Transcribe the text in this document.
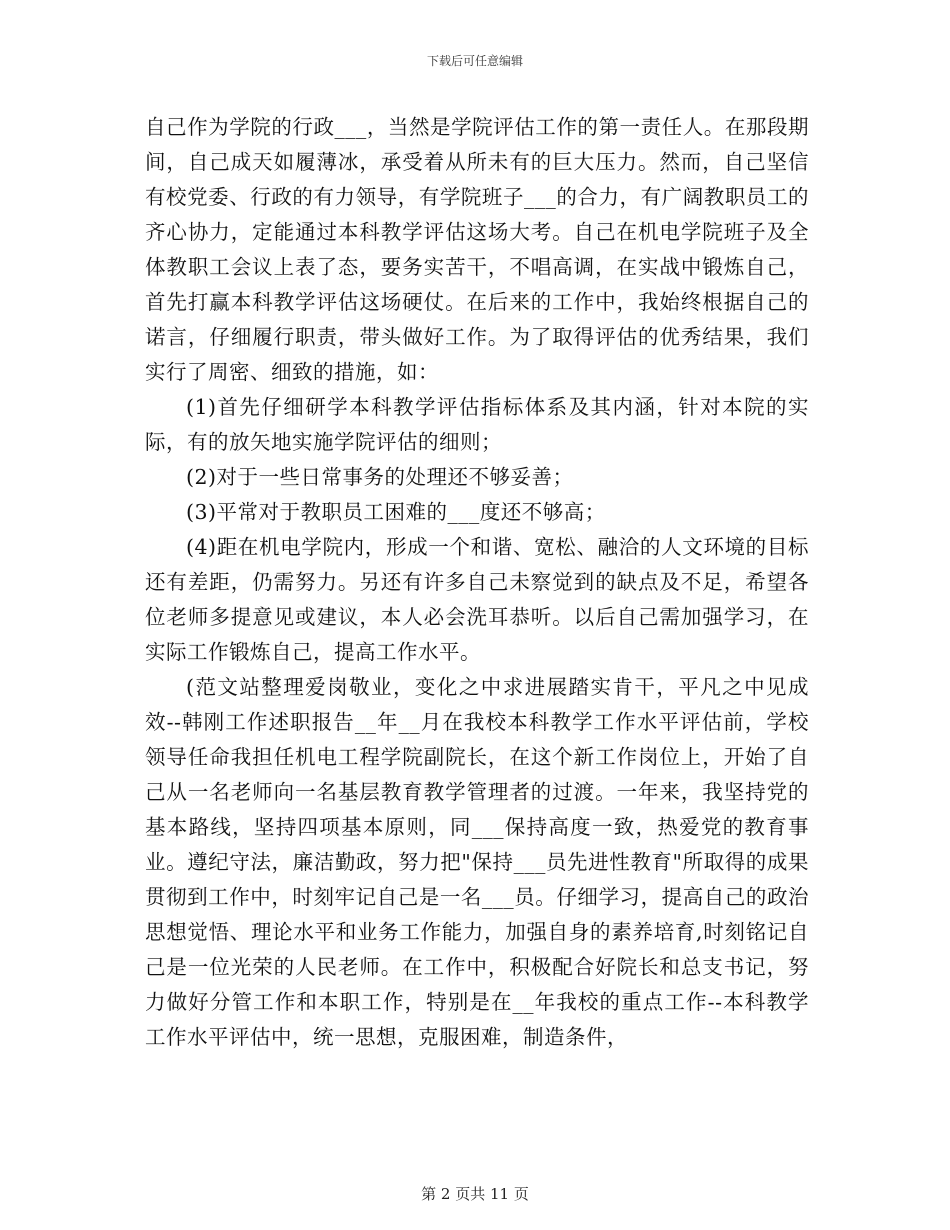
下载后可任意编辑

自己作为学院的行政___，当然是学院评估工作的第一责任人。在那段期间，自己成天如履薄冰，承受着从所未有的巨大压力。然而，自己坚信有校党委、行政的有力领导，有学院班子___的合力，有广阔教职员工的齐心协力，定能通过本科教学评估这场大考。自己在机电学院班子及全体教职工会议上表了态，要务实苦干，不唱高调，在实战中锻炼自己，首先打赢本科教学评估这场硬仗。在后来的工作中，我始终根据自己的诺言，仔细履行职责，带头做好工作。为了取得评估的优秀结果，我们实行了周密、细致的措施，如：

(1)首先仔细研学本科教学评估指标体系及其内涵，针对本院的实际，有的放矢地实施学院评估的细则；

(2)对于一些日常事务的处理还不够妥善；

(3)平常对于教职员工困难的___度还不够高；

(4)距在机电学院内，形成一个和谐、宽松、融洽的人文环境的目标还有差距，仍需努力。另还有许多自己未察觉到的缺点及不足，希望各位老师多提意见或建议，本人必会洗耳恭听。以后自己需加强学习，在实际工作锻炼自己，提高工作水平。

(范文站整理爱岗敬业，变化之中求进展踏实肯干，平凡之中见成效--韩刚工作述职报告__年__月在我校本科教学工作水平评估前，学校领导任命我担任机电工程学院副院长，在这个新工作岗位上，开始了自己从一名老师向一名基层教育教学管理者的过渡。一年来，我坚持党的基本路线，坚持四项基本原则，同___保持高度一致，热爱党的教育事业。遵纪守法，廉洁勤政，努力把"保持___员先进性教育"所取得的成果贯彻到工作中，时刻牢记自己是一名___员。仔细学习，提高自己的政治思想觉悟、理论水平和业务工作能力，加强自身的素养培育,时刻铭记自己是一位光荣的人民老师。在工作中，积极配合好院长和总支书记，努力做好分管工作和本职工作，特别是在__年我校的重点工作--本科教学工作水平评估中，统一思想，克服困难，制造条件，

第 2 页共 11 页
